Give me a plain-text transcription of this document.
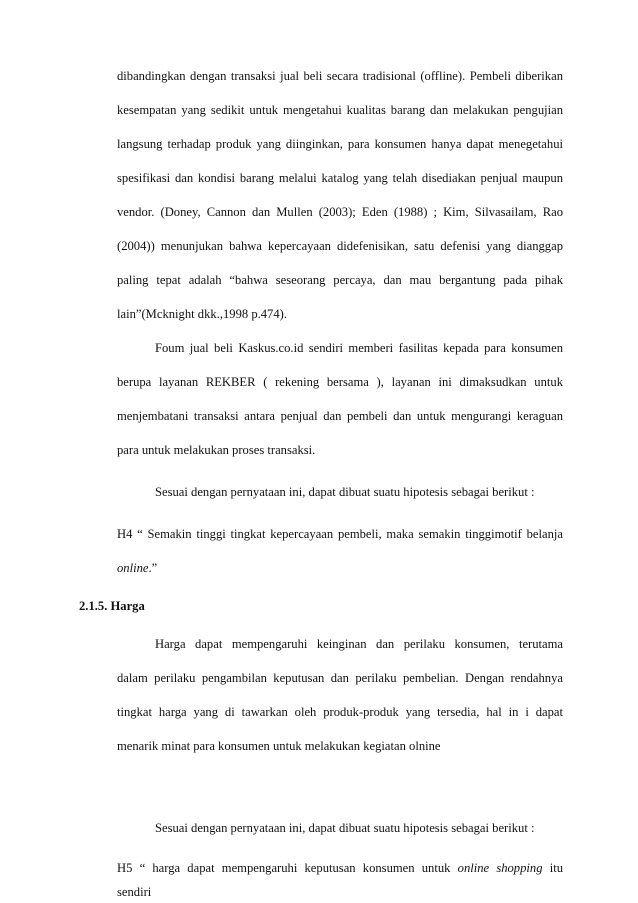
dibandingkan dengan transaksi jual beli secara tradisional (offline). Pembeli diberikan

kesempatan yang sedikit untuk mengetahui kualitas barang dan melakukan pengujian

langsung terhadap produk yang diinginkan, para konsumen hanya dapat menegetahui

spesifikasi dan kondisi barang melalui katalog yang telah disediakan penjual maupun

vendor. (Doney, Cannon dan Mullen (2003); Eden (1988) ; Kim, Silvasailam, Rao

(2004)) menunjukan bahwa kepercayaan didefenisikan, satu defenisi yang dianggap

paling tepat adalah “bahwa seseorang percaya, dan mau bergantung pada pihak

lain”(Mcknight dkk.,1998 p.474).

Foum jual beli Kaskus.co.id sendiri memberi fasilitas kepada para konsumen

berupa layanan REKBER ( rekening bersama ), layanan ini dimaksudkan untuk

menjembatani transaksi antara penjual dan pembeli dan untuk mengurangi keraguan

para untuk melakukan proses transaksi.

Sesuai dengan pernyataan ini, dapat dibuat suatu hipotesis sebagai berikut :

H4 “ Semakin tinggi tingkat kepercayaan pembeli, maka semakin tinggimotif belanja

online.”

2.1.5. Harga

Harga dapat mempengaruhi keinginan dan perilaku konsumen, terutama

dalam perilaku pengambilan keputusan dan perilaku pembelian. Dengan rendahnya

tingkat harga yang di tawarkan oleh produk-produk yang tersedia, hal in i dapat

menarik minat para konsumen untuk melakukan kegiatan olnine

Sesuai dengan pernyataan ini, dapat dibuat suatu hipotesis sebagai berikut :

H5 “ harga dapat mempengaruhi keputusan konsumen untuk online shopping itu

sendiri
